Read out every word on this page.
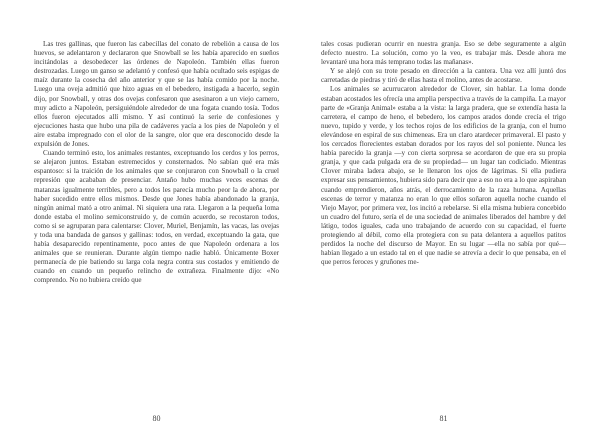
Las tres gallinas, que fueron las cabecillas del conato de rebelión a causa de los huevos, se adelantaron y declararon que Snowball se les había aparecido en sueños incitándolas a desobedecer las órdenes de Napoleón. También ellas fueron destrozadas. Luego un ganso se adelantó y confesó que había ocultado seis espigas de maíz durante la cosecha del año anterior y que se las había comido por la noche. Luego una oveja admitió que hizo aguas en el bebedero, instigada a hacerlo, según dijo, por Snowball, y otras dos ovejas confesaron que asesinaron a un viejo carnero, muy adicto a Napoleón, persiguiéndole alrededor de una fogata cuando tosía. Todos ellos fueron ejecutados allí mismo. Y así continuó la serie de confesiones y ejecuciones hasta que hubo una pila de cadáveres yacía a los pies de Napoleón y el aire estaba impregnado con el olor de la sangre, olor que era desconocido desde la expulsión de Jones.

Cuando terminó esto, los animales restantes, exceptuando los cerdos y los perros, se alejaron juntos. Estaban estremecidos y consternados. No sabían qué era más espantoso: si la traición de los animales que se conjuraron con Snowball o la cruel represión que acababan de presenciar. Antaño hubo muchas veces escenas de matanzas igualmente terribles, pero a todos les parecía mucho peor la de ahora, por haber sucedido entre ellos mismos. Desde que Jones había abandonado la granja, ningún animal mató a otro animal. Ni siquiera una rata. Llegaron a la pequeña loma donde estaba el molino semiconstruido y, de común acuerdo, se recostaron todos, como si se agruparan para calentarse: Clover, Muriel, Benjamín, las vacas, las ovejas y toda una bandada de gansos y gallinas: todos, en verdad, exceptuando la gata, que había desaparecido repentinamente, poco antes de que Napoleón ordenara a los animales que se reunieran. Durante algún tiempo nadie habló. Únicamente Boxer permanecía de pie batiendo su larga cola negra contra sus costados y emitiendo de cuando en cuando un pequeño relincho de extrañeza. Finalmente dijo: «No comprendo. No no hubiera creído que

80

tales cosas pudieran ocurrir en nuestra granja. Eso se debe seguramente a algún defecto nuestro. La solución, como yo la veo, es trabajar más. Desde ahora me levantaré una hora más temprano todas las mañanas».

Y se alejó con su trote pesado en dirección a la cantera. Una vez allí juntó dos carretadas de piedras y tiró de ellas hasta el molino, antes de acostarse.

Los animales se acurrucaron alrededor de Clover, sin hablar. La loma donde estaban acostados les ofrecía una amplia perspectiva a través de la campiña. La mayor parte de «Granja Animal» estaba a la vista: la larga pradera, que se extendía hasta la carretera, el campo de heno, el bebedero, los campos arados donde crecía el trigo nuevo, tupido y verde, y los techos rojos de los edificios de la granja, con el humo elevándose en espiral de sus chimeneas. Era un claro atardecer primaveral. El pasto y los cercados florecientes estaban dorados por los rayos del sol poniente. Nunca les había parecido la granja —y con cierta sorpresa se acordaron de que era su propia granja, y que cada pulgada era de su propiedad— un lugar tan codiciado. Mientras Clover miraba ladera abajo, se le llenaron los ojos de lágrimas. Si ella pudiera expresar sus pensamientos, hubiera sido para decir que a eso no era a lo que aspiraban cuando emprendieron, años atrás, el derrocamiento de la raza humana. Aquellas escenas de terror y matanza no eran lo que ellos soñaron aquella noche cuando el Viejo Mayor, por primera vez, los incitó a rebelarse. Si ella misma hubiera concebido un cuadro del futuro, sería el de una sociedad de animales liberados del hambre y del látigo, todos iguales, cada uno trabajando de acuerdo con su capacidad, el fuerte protegiendo al débil, como ella protegiera con su pata delantera a aquellos patitos perdidos la noche del discurso de Mayor. En su lugar —ella no sabía por qué— habían llegado a un estado tal en el que nadie se atrevía a decir lo que pensaba, en el que perros feroces y gruñones me-

81
